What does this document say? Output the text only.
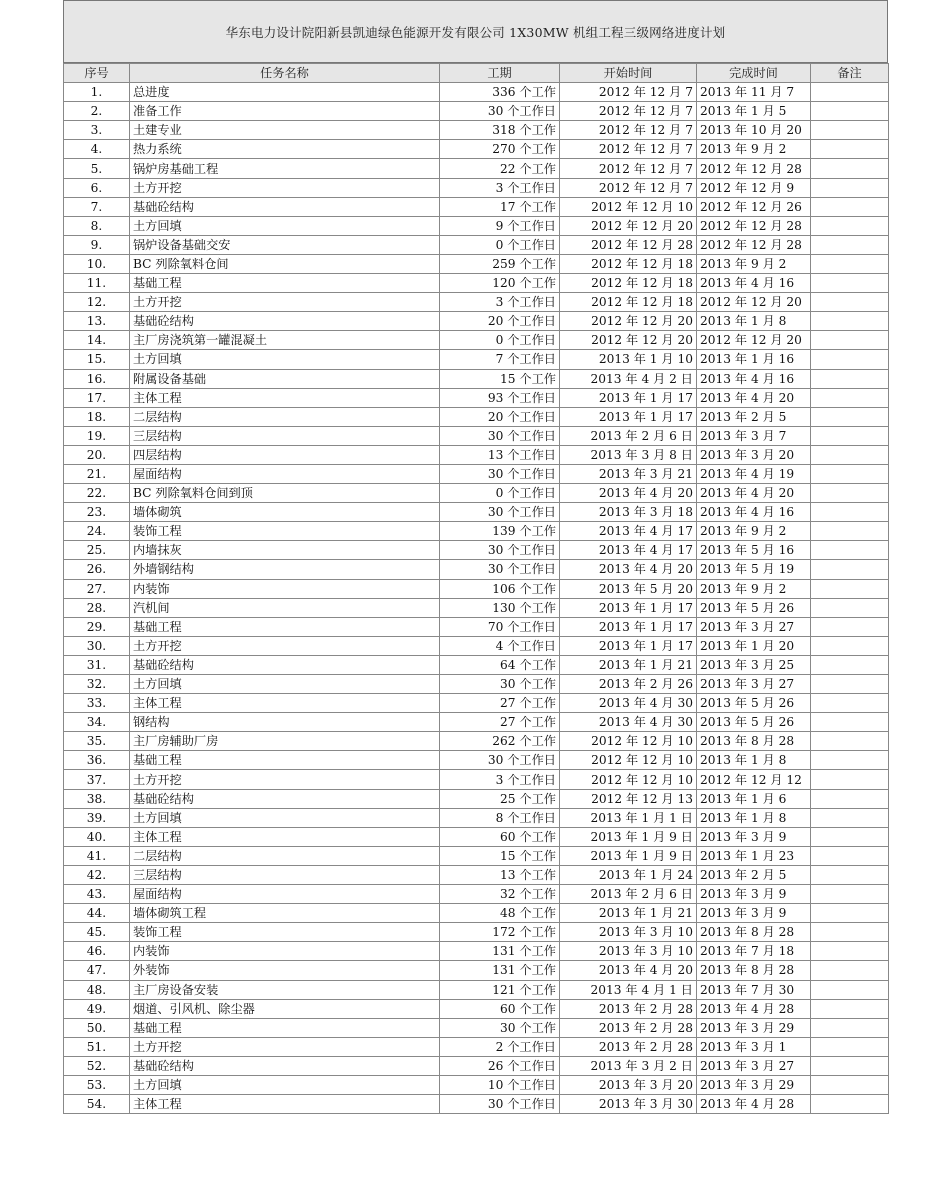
华东电力设计院阳新县凯迪绿色能源开发有限公司 1X30MW 机组工程三级网络进度计划
序号	任务名称	工期	开始时间	完成时间	备注
1.	总进度	336 个工作	2012 年 12 月 7	2013 年 11 月 7	
2.	准备工作	30 个工作日	2012 年 12 月 7	2013 年 1 月 5	
3.	土建专业	318 个工作	2012 年 12 月 7	2013 年 10 月 20	
4.	热力系统	270 个工作	2012 年 12 月 7	2013 年 9 月 2	
5.	锅炉房基础工程	22 个工作	2012 年 12 月 7	2012 年 12 月 28	
6.	土方开挖	3 个工作日	2012 年 12 月 7	2012 年 12 月 9	
7.	基础砼结构	17 个工作	2012 年 12 月 10	2012 年 12 月 26	
8.	土方回填	9 个工作日	2012 年 12 月 20	2012 年 12 月 28	
9.	锅炉设备基础交安	0 个工作日	2012 年 12 月 28	2012 年 12 月 28	
10.	BC 列除氧料仓间	259 个工作	2012 年 12 月 18	2013 年 9 月 2	
11.	基础工程	120 个工作	2012 年 12 月 18	2013 年 4 月 16	
12.	土方开挖	3 个工作日	2012 年 12 月 18	2012 年 12 月 20	
13.	基础砼结构	20 个工作日	2012 年 12 月 20	2013 年 1 月 8	
14.	主厂房浇筑第一罐混凝土	0 个工作日	2012 年 12 月 20	2012 年 12 月 20	
15.	土方回填	7 个工作日	2013 年 1 月 10	2013 年 1 月 16	
16.	附属设备基础	15 个工作	2013 年 4 月 2 日	2013 年 4 月 16	
17.	主体工程	93 个工作日	2013 年 1 月 17	2013 年 4 月 20	
18.	二层结构	20 个工作日	2013 年 1 月 17	2013 年 2 月 5	
19.	三层结构	30 个工作日	2013 年 2 月 6 日	2013 年 3 月 7	
20.	四层结构	13 个工作日	2013 年 3 月 8 日	2013 年 3 月 20	
21.	屋面结构	30 个工作日	2013 年 3 月 21	2013 年 4 月 19	
22.	BC 列除氧料仓间到顶	0 个工作日	2013 年 4 月 20	2013 年 4 月 20	
23.	墙体砌筑	30 个工作日	2013 年 3 月 18	2013 年 4 月 16	
24.	装饰工程	139 个工作	2013 年 4 月 17	2013 年 9 月 2	
25.	内墙抹灰	30 个工作日	2013 年 4 月 17	2013 年 5 月 16	
26.	外墙钢结构	30 个工作日	2013 年 4 月 20	2013 年 5 月 19	
27.	内装饰	106 个工作	2013 年 5 月 20	2013 年 9 月 2	
28.	汽机间	130 个工作	2013 年 1 月 17	2013 年 5 月 26	
29.	基础工程	70 个工作日	2013 年 1 月 17	2013 年 3 月 27	
30.	土方开挖	4 个工作日	2013 年 1 月 17	2013 年 1 月 20	
31.	基础砼结构	64 个工作	2013 年 1 月 21	2013 年 3 月 25	
32.	土方回填	30 个工作	2013 年 2 月 26	2013 年 3 月 27	
33.	主体工程	27 个工作	2013 年 4 月 30	2013 年 5 月 26	
34.	钢结构	27 个工作	2013 年 4 月 30	2013 年 5 月 26	
35.	主厂房辅助厂房	262 个工作	2012 年 12 月 10	2013 年 8 月 28	
36.	基础工程	30 个工作日	2012 年 12 月 10	2013 年 1 月 8	
37.	土方开挖	3 个工作日	2012 年 12 月 10	2012 年 12 月 12	
38.	基础砼结构	25 个工作	2012 年 12 月 13	2013 年 1 月 6	
39.	土方回填	8 个工作日	2013 年 1 月 1 日	2013 年 1 月 8	
40.	主体工程	60 个工作	2013 年 1 月 9 日	2013 年 3 月 9	
41.	二层结构	15 个工作	2013 年 1 月 9 日	2013 年 1 月 23	
42.	三层结构	13 个工作	2013 年 1 月 24	2013 年 2 月 5	
43.	屋面结构	32 个工作	2013 年 2 月 6 日	2013 年 3 月 9	
44.	墙体砌筑工程	48 个工作	2013 年 1 月 21	2013 年 3 月 9	
45.	装饰工程	172 个工作	2013 年 3 月 10	2013 年 8 月 28	
46.	内装饰	131 个工作	2013 年 3 月 10	2013 年 7 月 18	
47.	外装饰	131 个工作	2013 年 4 月 20	2013 年 8 月 28	
48.	主厂房设备安装	121 个工作	2013 年 4 月 1 日	2013 年 7 月 30	
49.	烟道、引风机、除尘器	60 个工作	2013 年 2 月 28	2013 年 4 月 28	
50.	基础工程	30 个工作	2013 年 2 月 28	2013 年 3 月 29	
51.	土方开挖	2 个工作日	2013 年 2 月 28	2013 年 3 月 1	
52.	基础砼结构	26 个工作日	2013 年 3 月 2 日	2013 年 3 月 27	
53.	土方回填	10 个工作日	2013 年 3 月 20	2013 年 3 月 29	
54.	主体工程	30 个工作日	2013 年 3 月 30	2013 年 4 月 28	
